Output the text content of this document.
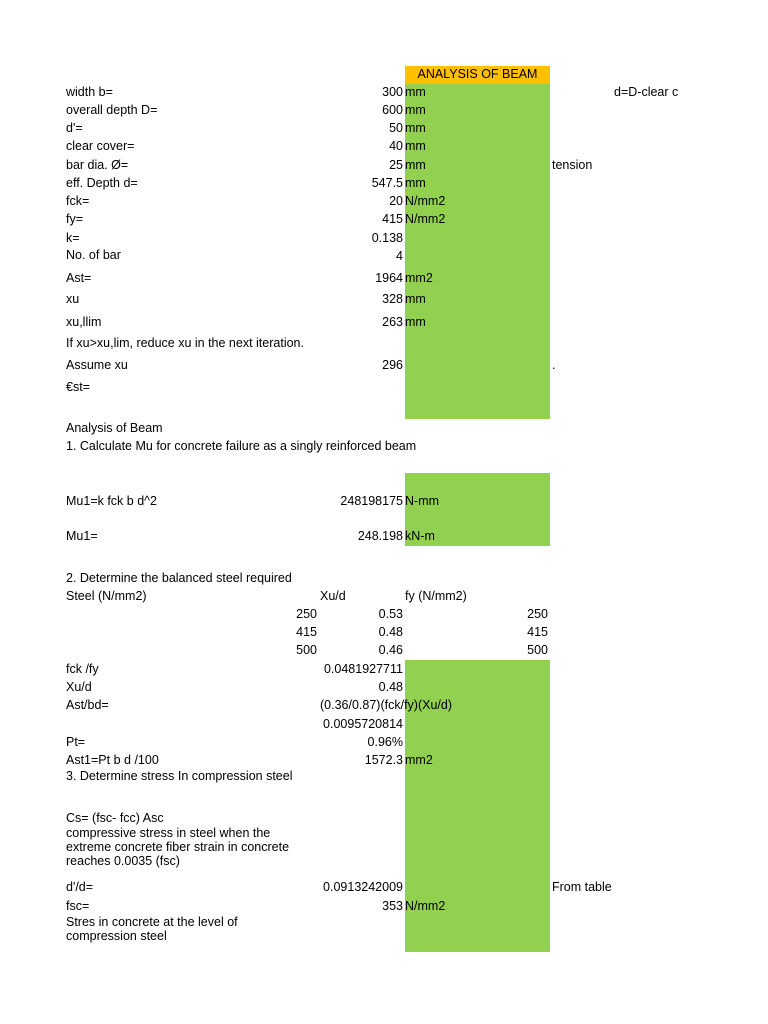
ANALYSIS OF BEAM
d=D-clear c
tension
width b=	300 mm
overall depth D=	600 mm
d'=	50 mm
clear cover=	40 mm
bar dia. Ø=	25 mm
eff. Depth d=	547.5 mm
fck=	20 N/mm2
fy=	415 N/mm2
k=	0.138
No. of bar	4
Ast=	1964 mm2
xu	328 mm
xu,llim	263 mm
If xu>xu,lim, reduce xu in the next iteration.
Assume xu	296	.
€st=
Analysis of Beam
1. Calculate Mu for concrete failure as a singly reinforced beam
Mu1=k fck b d^2	248198175 N-mm
Mu1=	248.198 kN-m
2. Determine the balanced steel required
Steel (N/mm2)	Xu/d	fy (N/mm2)
250	0.53	250
415	0.48	415
500	0.46	500
fck /fy	0.0481927711
Xu/d	0.48
Ast/bd=	(0.36/0.87)(fck/fy)(Xu/d)
0.0095720814
Pt=	0.96%
Ast1=Pt b d /100	1572.3 mm2
3. Determine stress In compression steel
Cs= (fsc- fcc) Asc
compressive stress in steel when the
extreme concrete fiber strain in concrete
reaches 0.0035 (fsc)
d'/d=	0.0913242009	From table
fsc=	353 N/mm2
Stres in concrete at the level of
compression steel
